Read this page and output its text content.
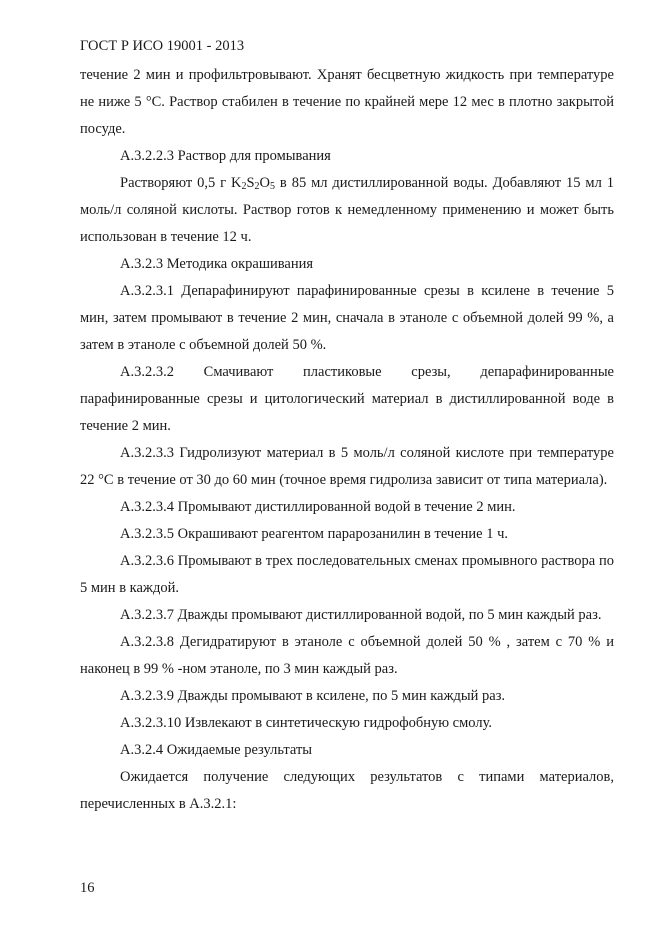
ГОСТ Р ИСО 19001 - 2013

течение 2 мин и профильтровывают. Хранят бесцветную жидкость при температуре не ниже 5 °С. Раствор стабилен в течение по крайней мере 12 мес в плотно закрытой посуде.

А.3.2.2.3 Раствор для промывания

Растворяют 0,5 г $K_2S_2O_5$ в 85 мл дистиллированной воды. Добавляют 15 мл 1 моль/л соляной кислоты. Раствор готов к немедленному применению и может быть использован в течение 12 ч.

А.3.2.3 Методика окрашивания

А.3.2.3.1 Депарафинируют парафинированные срезы в ксилене в течение 5 мин, затем промывают в течение 2 мин, сначала в этаноле с объемной долей 99 %, а затем в этаноле с объемной долей 50 %.

А.3.2.3.2 Смачивают пластиковые срезы, депарафинированные парафинированные срезы и цитологический материал в дистиллированной воде в течение 2 мин.

А.3.2.3.3 Гидролизуют материал в 5 моль/л соляной кислоте при температуре 22 °С в течение от 30 до 60 мин (точное время гидролиза зависит от типа материала).

А.3.2.3.4 Промывают дистиллированной водой в течение 2 мин.

А.3.2.3.5 Окрашивают реагентом парарозанилин в течение 1 ч.

А.3.2.3.6 Промывают в трех последовательных сменах промывного раствора по 5 мин в каждой.

А.3.2.3.7 Дважды промывают дистиллированной водой, по 5 мин каждый раз.

А.3.2.3.8 Дегидратируют в этаноле с объемной долей 50 % , затем с 70 % и наконец в 99 % -ном этаноле, по 3 мин каждый раз.

А.3.2.3.9 Дважды промывают в ксилене, по 5 мин каждый раз.

А.3.2.3.10 Извлекают в синтетическую гидрофобную смолу.

А.3.2.4 Ожидаемые результаты

Ожидается получение следующих результатов с типами материалов, перечисленных в А.3.2.1:

16
